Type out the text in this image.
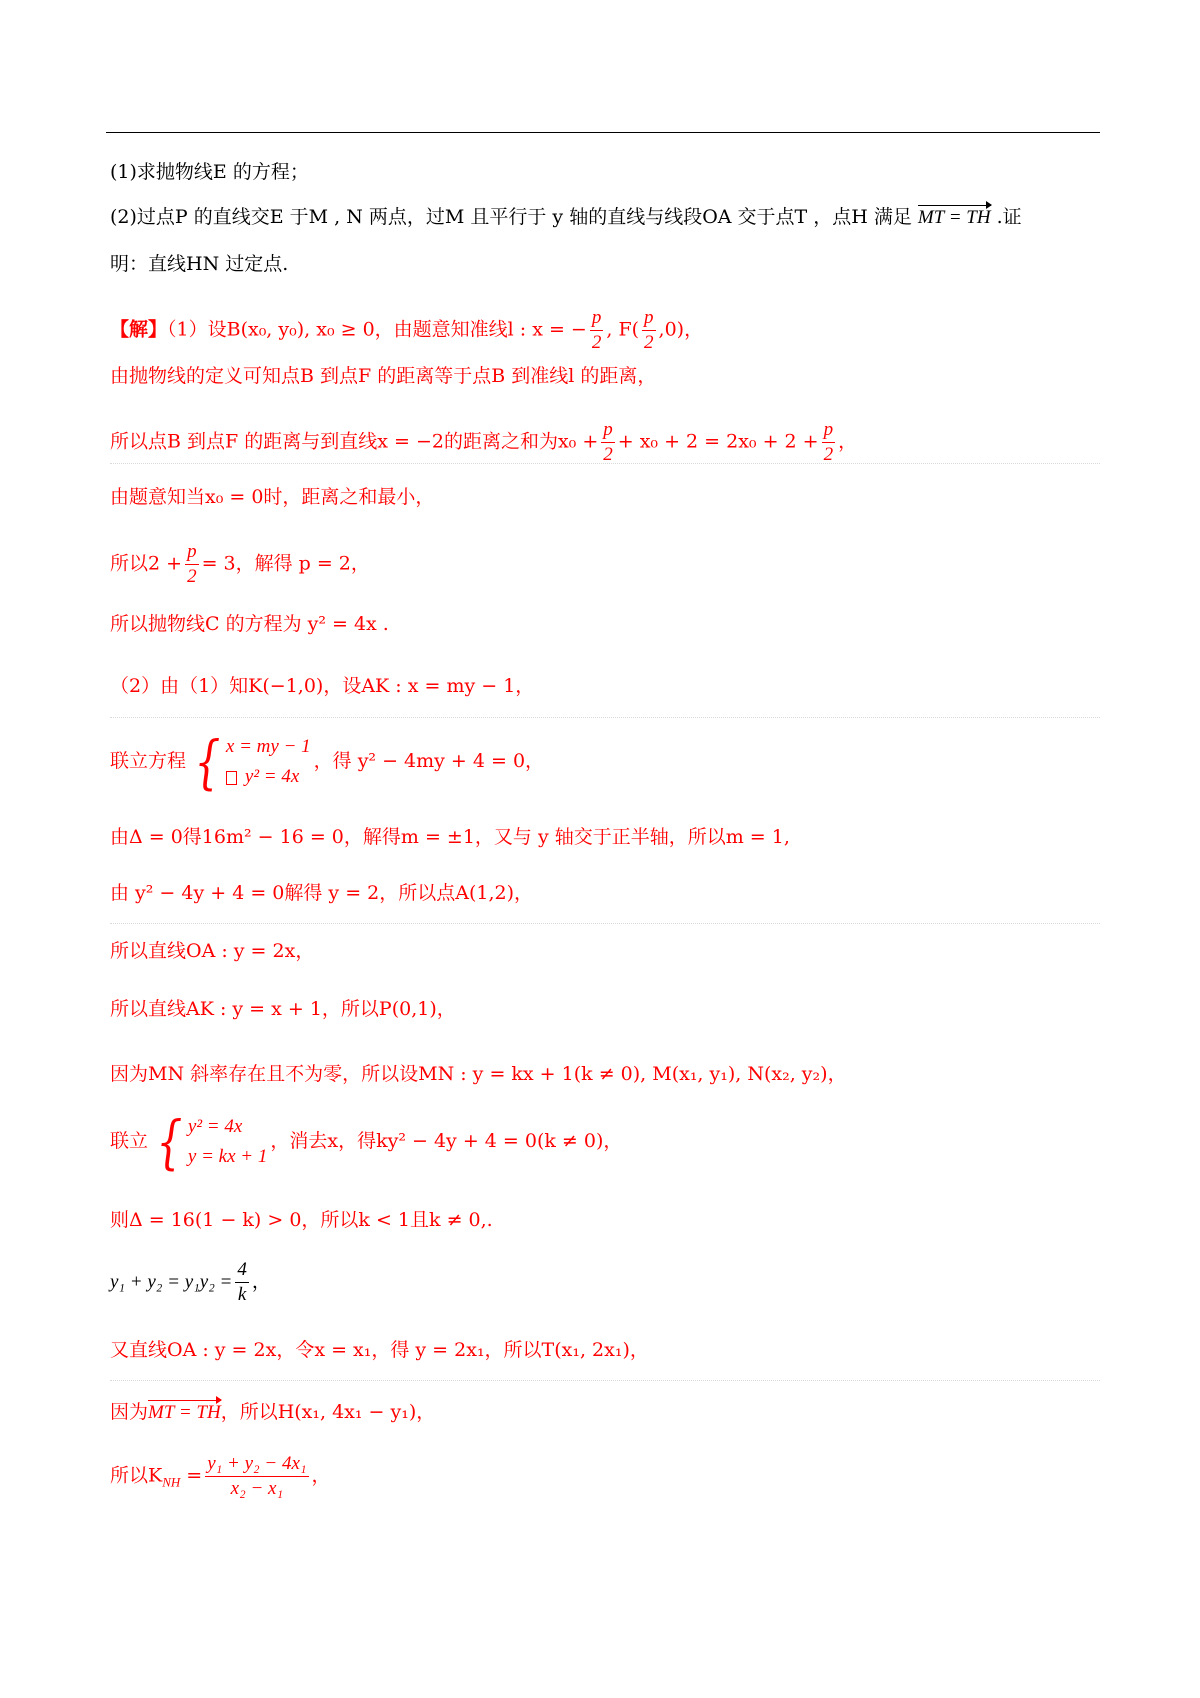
(1)求抛物线E 的方程；
(2)过点P 的直线交E 于M , N 两点，过M 且平行于 y 轴的直线与线段OA 交于点T ，点H 满足 MT = TH .证
明：直线HN 过定点.
【解】（1）设B(x₀, y₀), x₀ ≥ 0，由题意知准线l : x = − $\frac{p}{2}$ , $F( \frac{p}{2} ,0)$，
由抛物线的定义可知点B 到点F 的距离等于点B 到准线l 的距离，
所以点B 到点F 的距离与到直线x = −2的距离之和为$x_0 + \frac{p}{2} + x_0 + 2 = 2x_0 + 2 + \frac{p}{2}$ ，
由题意知当x₀ = 0时，距离之和最小，
所以$2 + \frac{p}{2} = 3$，解得 p = 2，
所以抛物线C 的方程为 y² = 4x .
（2）由（1）知K(−1,0)，设AK : x = my − 1，
联立方程 { x = my − 1
y² = 4x
，得 y² − 4my + 4 = 0，
由Δ = 0得16m² − 16 = 0，解得m = ±1，又与 y 轴交于正半轴，所以m = 1,
由 y² − 4y + 4 = 0解得 y = 2，所以点A(1,2)，
所以直线OA : y = 2x，
所以直线AK : y = x + 1，所以P(0,1)，
因为MN 斜率存在且不为零，所以设MN : y = kx + 1(k ≠ 0), M(x₁, y₁), N(x₂, y₂)，
联立 { y² = 4x
y = kx + 1
，消去x，得ky² − 4y + 4 = 0(k ≠ 0)，
则Δ = 16(1 − k) > 0，所以k < 1且k ≠ 0,.
$y_1 + y_2 = y_1y_2 = \frac{4}{k}$ ，
又直线OA : y = 2x，令x = x₁，得 y = 2x₁，所以T(x₁, 2x₁)，
因为MT = TH，所以H(x₁, 4x₁ − y₁)，
所以$K_{NH} = \frac{\text{y₁ + y₂ − 4x₁}}{\text{x₂ − x₁}}$ ，
